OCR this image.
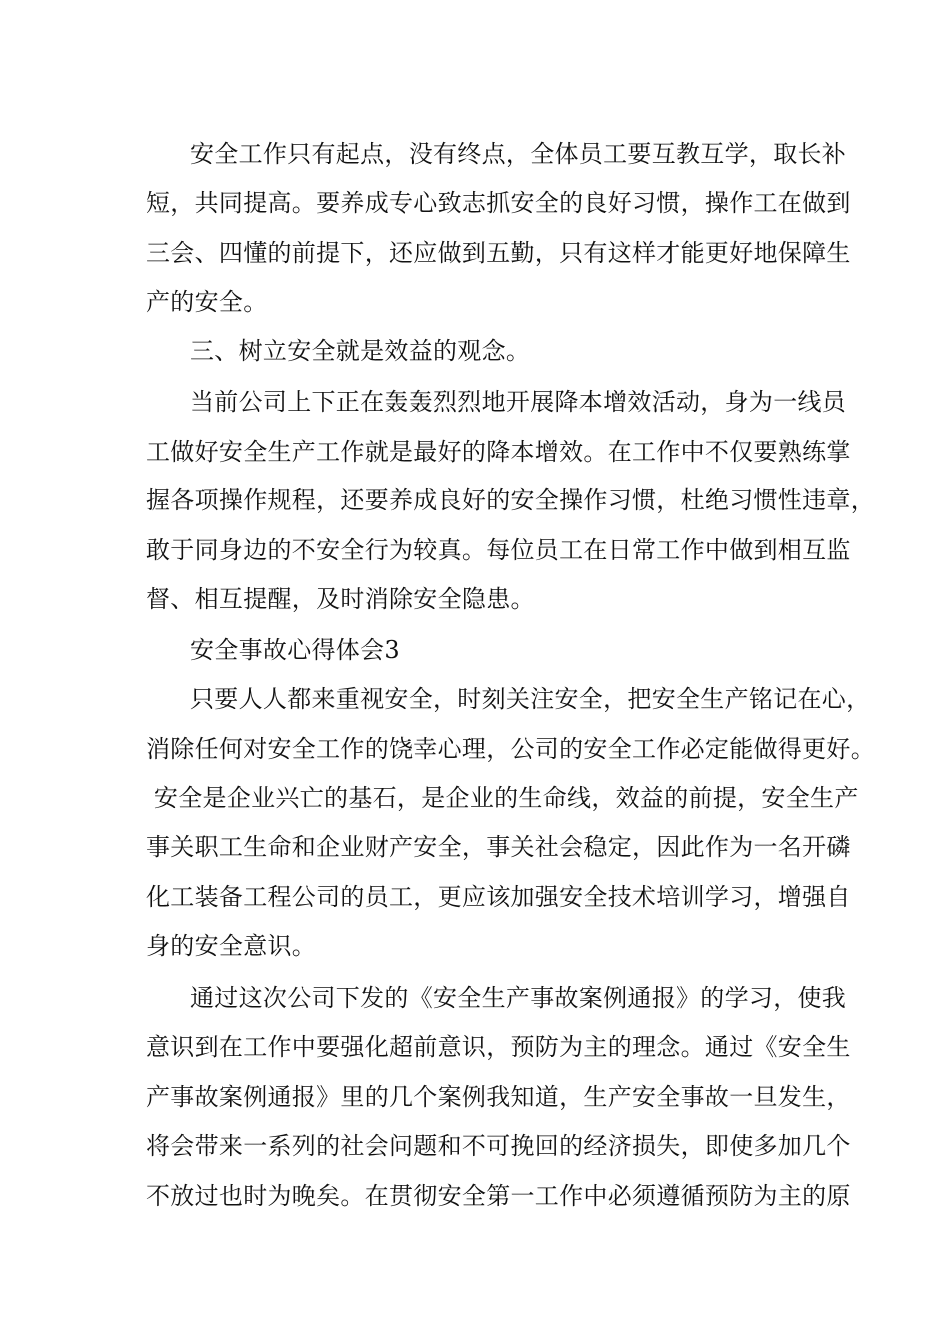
安全工作只有起点，没有终点，全体员工要互教互学，取长补
短，共同提高。要养成专心致志抓安全的良好习惯，操作工在做到
三会、四懂的前提下，还应做到五勤，只有这样才能更好地保障生
产的安全。
三、树立安全就是效益的观念。
当前公司上下正在轰轰烈烈地开展降本增效活动，身为一线员
工做好安全生产工作就是最好的降本增效。在工作中不仅要熟练掌
握各项操作规程，还要养成良好的安全操作习惯，杜绝习惯性违章，
敢于同身边的不安全行为较真。每位员工在日常工作中做到相互监
督、相互提醒，及时消除安全隐患。
安全事故心得体会3
只要人人都来重视安全，时刻关注安全，把安全生产铭记在心，
消除任何对安全工作的饶幸心理，公司的安全工作必定能做得更好。
安全是企业兴亡的基石，是企业的生命线，效益的前提，安全生产
事关职工生命和企业财产安全，事关社会稳定，因此作为一名开磷
化工装备工程公司的员工，更应该加强安全技术培训学习，增强自
身的安全意识。
通过这次公司下发的《安全生产事故案例通报》的学习，使我
意识到在工作中要强化超前意识，预防为主的理念。通过《安全生
产事故案例通报》里的几个案例我知道，生产安全事故一旦发生，
将会带来一系列的社会问题和不可挽回的经济损失，即使多加几个
不放过也时为晚矣。在贯彻安全第一工作中必须遵循预防为主的原
